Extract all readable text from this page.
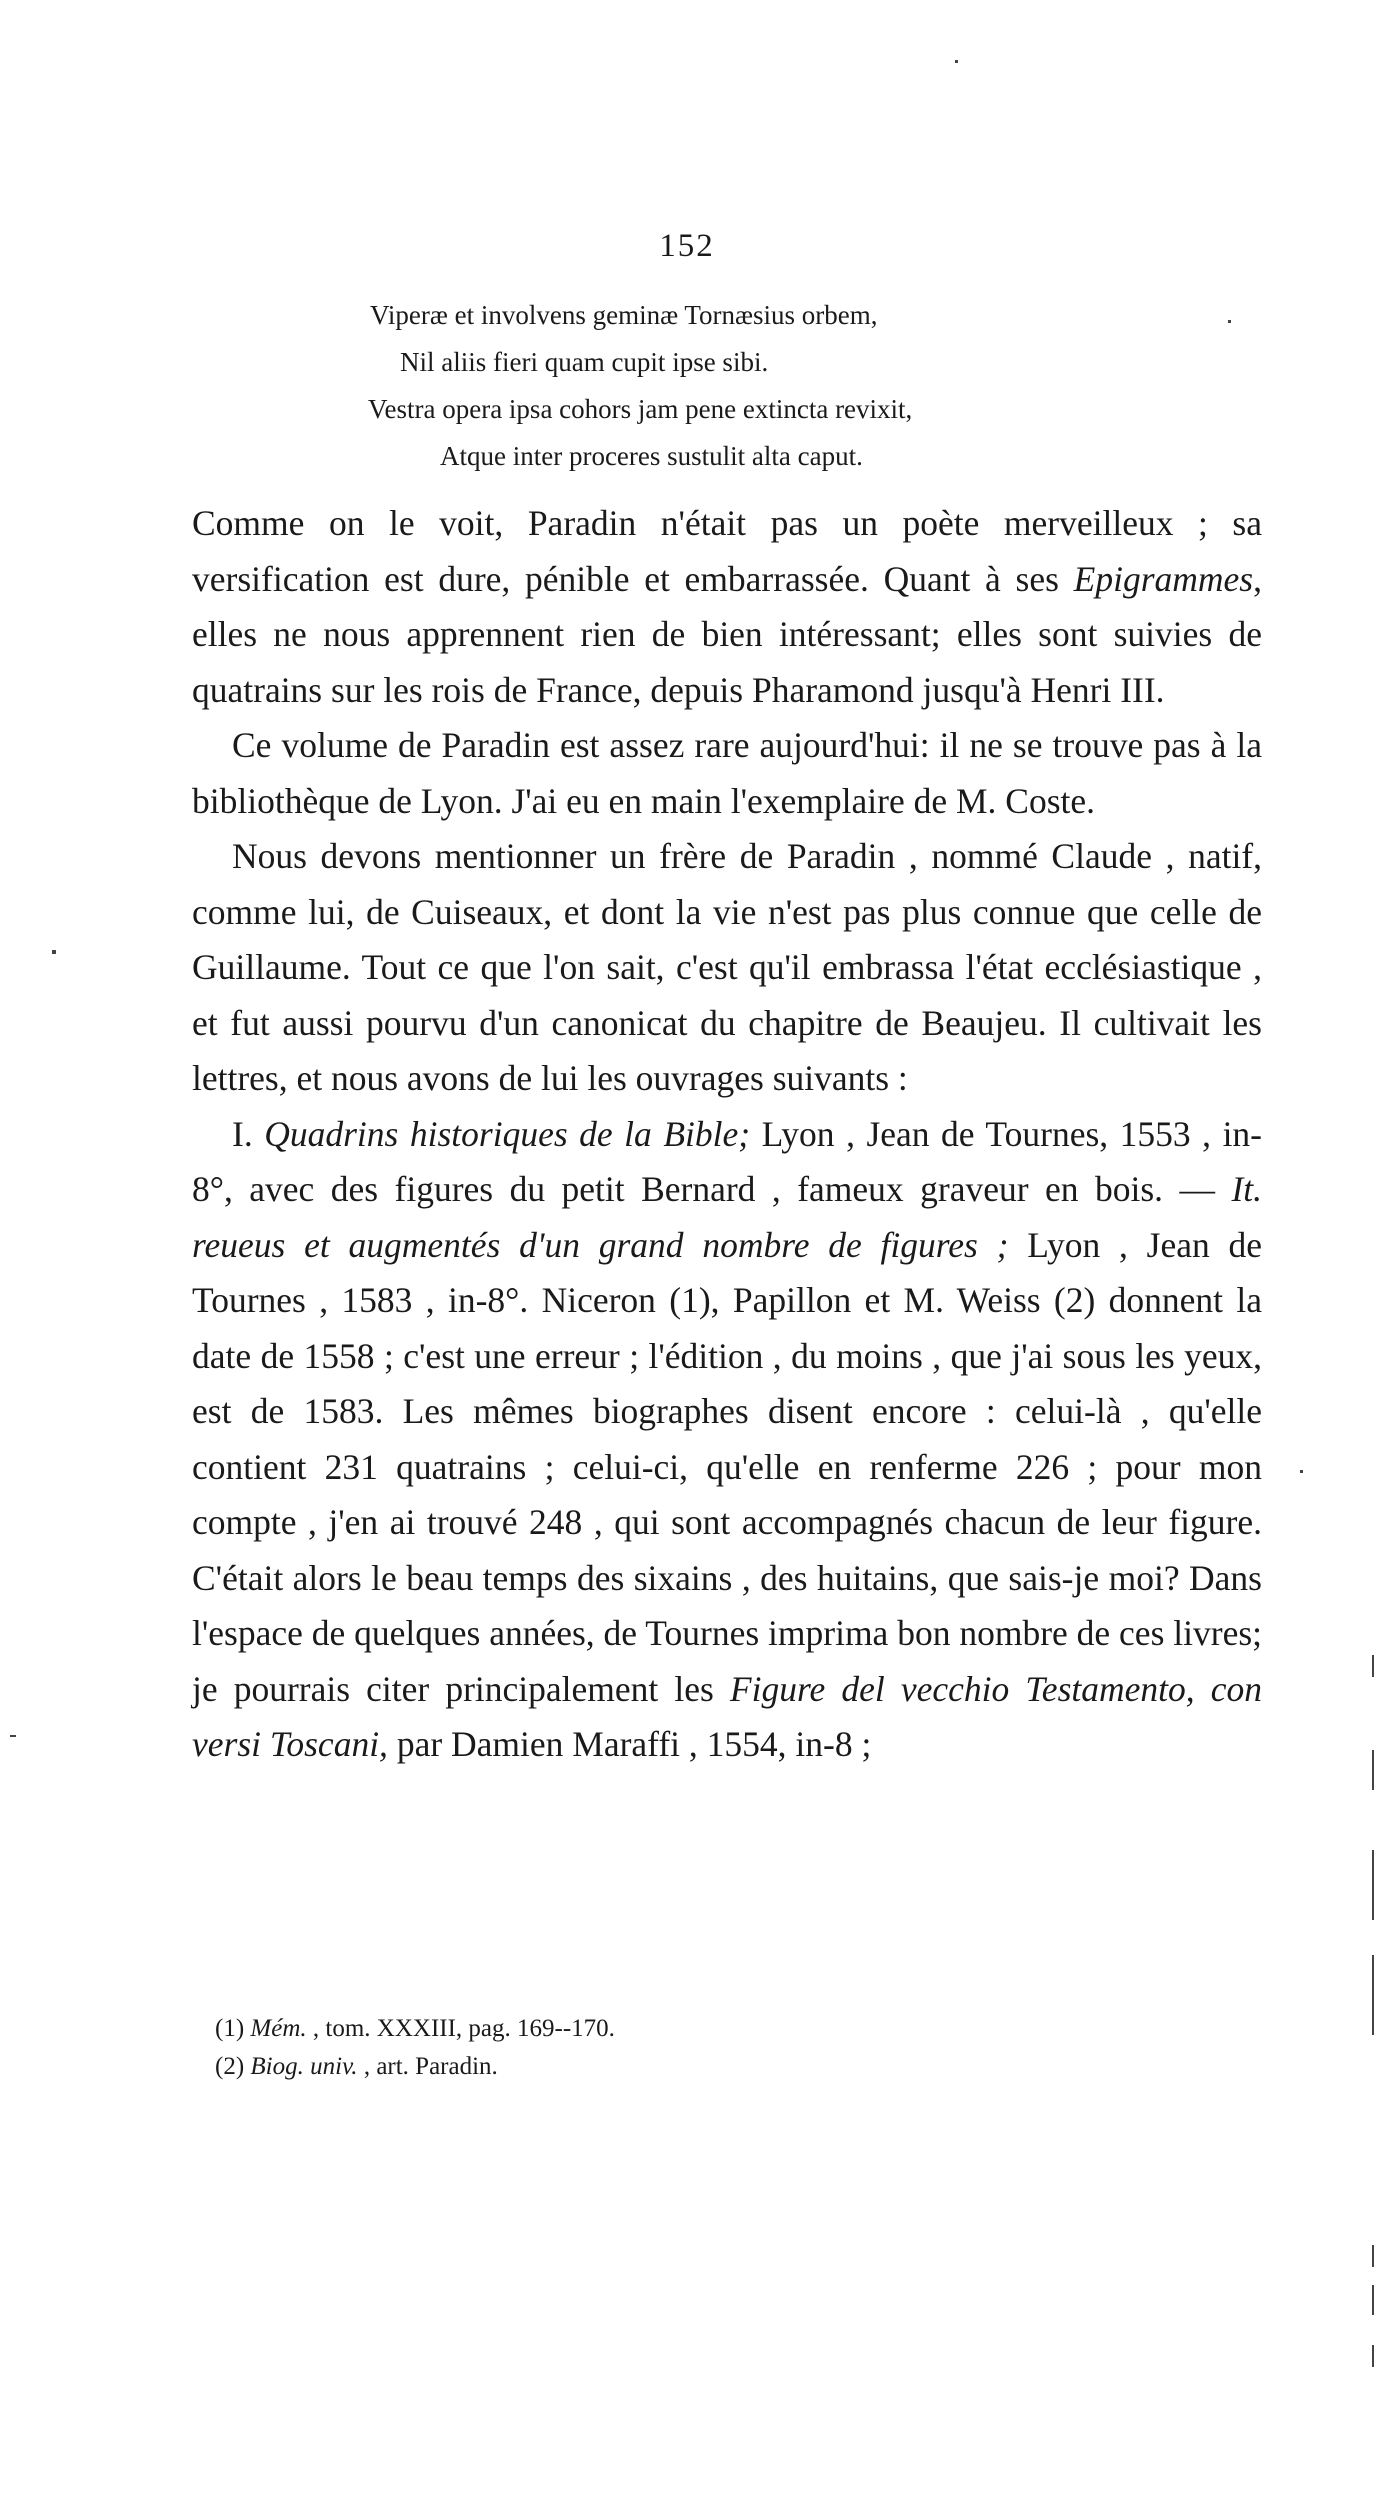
152
Viperæ et involvens geminæ Tornæsius orbem,
Nil aliis fieri quam cupit ipse sibi.
Vestra opera ipsa cohors jam pene extincta revixit,
Atque inter proceres sustulit alta caput.

Comme on le voit, Paradin n'était pas un poète merveilleux ; sa versification est dure, pénible et embarrassée. Quant à ses Epigrammes, elles ne nous apprennent rien de bien intéressant; elles sont suivies de quatrains sur les rois de France, depuis Pharamond jusqu'à Henri III.

Ce volume de Paradin est assez rare aujourd'hui: il ne se trouve pas à la bibliothèque de Lyon. J'ai eu en main l'exemplaire de M. Coste.

Nous devons mentionner un frère de Paradin , nommé Claude , natif, comme lui, de Cuiseaux, et dont la vie n'est pas plus connue que celle de Guillaume. Tout ce que l'on sait, c'est qu'il embrassa l'état ecclésiastique , et fut aussi pourvu d'un canonicat du chapitre de Beaujeu. Il cultivait les lettres, et nous avons de lui les ouvrages suivants :

I. Quadrins historiques de la Bible; Lyon , Jean de Tournes, 1553 , in-8°, avec des figures du petit Bernard , fameux graveur en bois. — It. reueus et augmentés d'un grand nombre de figures ; Lyon , Jean de Tournes , 1583 , in-8°. Niceron (1), Papillon et M. Weiss (2) donnent la date de 1558 ; c'est une erreur ; l'édition , du moins , que j'ai sous les yeux, est de 1583. Les mêmes biographes disent encore : celui-là , qu'elle contient 231 quatrains ; celui-ci, qu'elle en renferme 226 ; pour mon compte , j'en ai trouvé 248 , qui sont accompagnés chacun de leur figure. C'était alors le beau temps des sixains , des huitains, que sais-je moi? Dans l'espace de quelques années, de Tournes imprima bon nombre de ces livres; je pourrais citer principalement les Figure del vecchio Testamento, con versi Toscani, par Damien Maraffi , 1554, in-8 ;

(1) Mém. , tom. XXXIII, pag. 169--170.
(2) Biog. univ. , art. Paradin.
